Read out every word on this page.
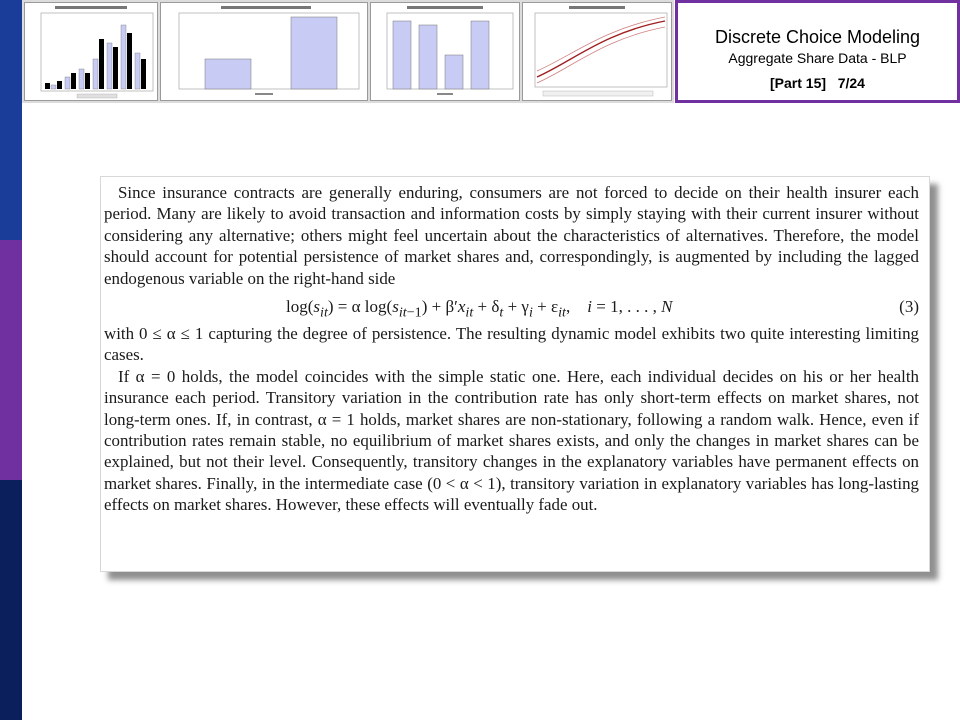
Discrete Choice Modeling
Aggregate Share Data - BLP
[Part 15] 7/24

Since insurance contracts are generally enduring, consumers are not forced to decide on their health insurer each period. Many are likely to avoid transaction and information costs by simply staying with their current insurer without considering any alternative; others might feel uncertain about the characteristics of alternatives. Therefore, the model should account for potential persistence of market shares and, correspondingly, is augmented by including the lagged endogenous variable on the right-hand side

$\log(s_{it}) = \alpha$ $\log(s_{it-1}) + \beta'x_{it} + \delta_t + \gamma_i + \varepsilon_{it}$,    i = 1, . . . , N	(3)

with 0 ≤ α ≤ 1 capturing the degree of persistence. The resulting dynamic model exhibits two quite interesting limiting cases.

If α = 0 holds, the model coincides with the simple static one. Here, each individual decides on his or her health insurance each period. Transitory variation in the contribution rate has only short-term effects on market shares, not long-term ones. If, in contrast, α = 1 holds, market shares are non-stationary, following a random walk. Hence, even if contribution rates remain stable, no equilibrium of market shares exists, and only the changes in market shares can be explained, but not their level. Consequently, transitory changes in the explanatory variables have permanent effects on market shares. Finally, in the intermediate case (0 < α < 1), transitory variation in explanatory variables has long-lasting effects on market shares. However, these effects will eventually fade out.
